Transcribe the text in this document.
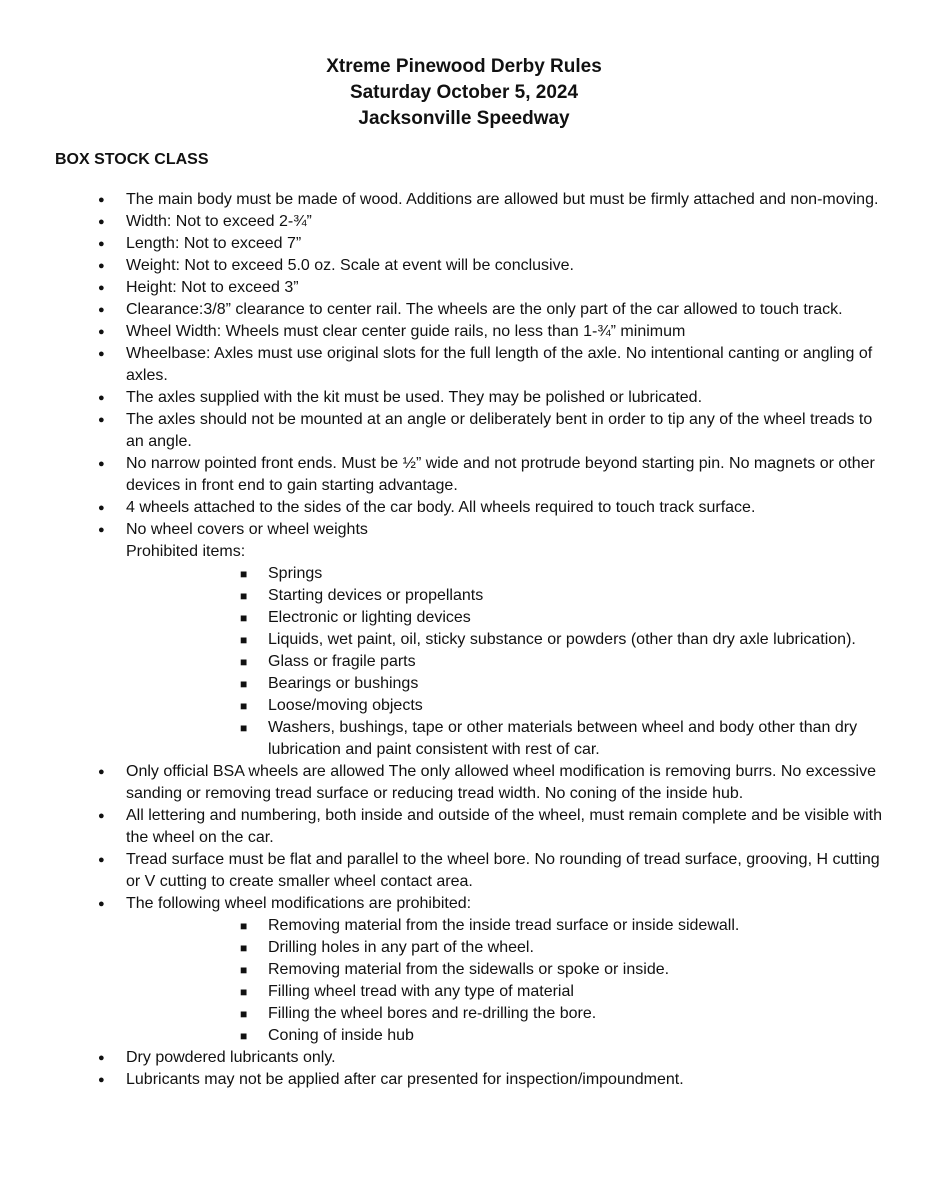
Xtreme Pinewood Derby Rules
Saturday October 5, 2024
Jacksonville Speedway
BOX STOCK CLASS
● The main body must be made of wood. Additions are allowed but must be firmly attached and non-moving.
● Width: Not to exceed 2-¾”
● Length: Not to exceed 7”
● Weight: Not to exceed 5.0 oz. Scale at event will be conclusive.
● Height: Not to exceed 3”
● Clearance:3/8” clearance to center rail. The wheels are the only part of the car allowed to touch track.
● Wheel Width: Wheels must clear center guide rails, no less than 1-¾” minimum
● Wheelbase: Axles must use original slots for the full length of the axle. No intentional canting or angling of axles.
● The axles supplied with the kit must be used. They may be polished or lubricated.
● The axles should not be mounted at an angle or deliberately bent in order to tip any of the wheel treads to an angle.
● No narrow pointed front ends. Must be ½” wide and not protrude beyond starting pin. No magnets or other devices in front end to gain starting advantage.
● 4 wheels attached to the sides of the car body. All wheels required to touch track surface.
● No wheel covers or wheel weights
Prohibited items:
■ Springs
■ Starting devices or propellants
■ Electronic or lighting devices
■ Liquids, wet paint, oil, sticky substance or powders (other than dry axle lubrication).
■ Glass or fragile parts
■ Bearings or bushings
■ Loose/moving objects
■ Washers, bushings, tape or other materials between wheel and body other than dry lubrication and paint consistent with rest of car.
● Only official BSA wheels are allowed The only allowed wheel modification is removing burrs. No excessive sanding or removing tread surface or reducing tread width. No coning of the inside hub.
● All lettering and numbering, both inside and outside of the wheel, must remain complete and be visible with the wheel on the car.
● Tread surface must be flat and parallel to the wheel bore. No rounding of tread surface, grooving, H cutting or V cutting to create smaller wheel contact area.
● The following wheel modifications are prohibited:
■ Removing material from the inside tread surface or inside sidewall.
■ Drilling holes in any part of the wheel.
■ Removing material from the sidewalls or spoke or inside.
■ Filling wheel tread with any type of material
■ Filling the wheel bores and re-drilling the bore.
■ Coning of inside hub
● Dry powdered lubricants only.
● Lubricants may not be applied after car presented for inspection/impoundment.
